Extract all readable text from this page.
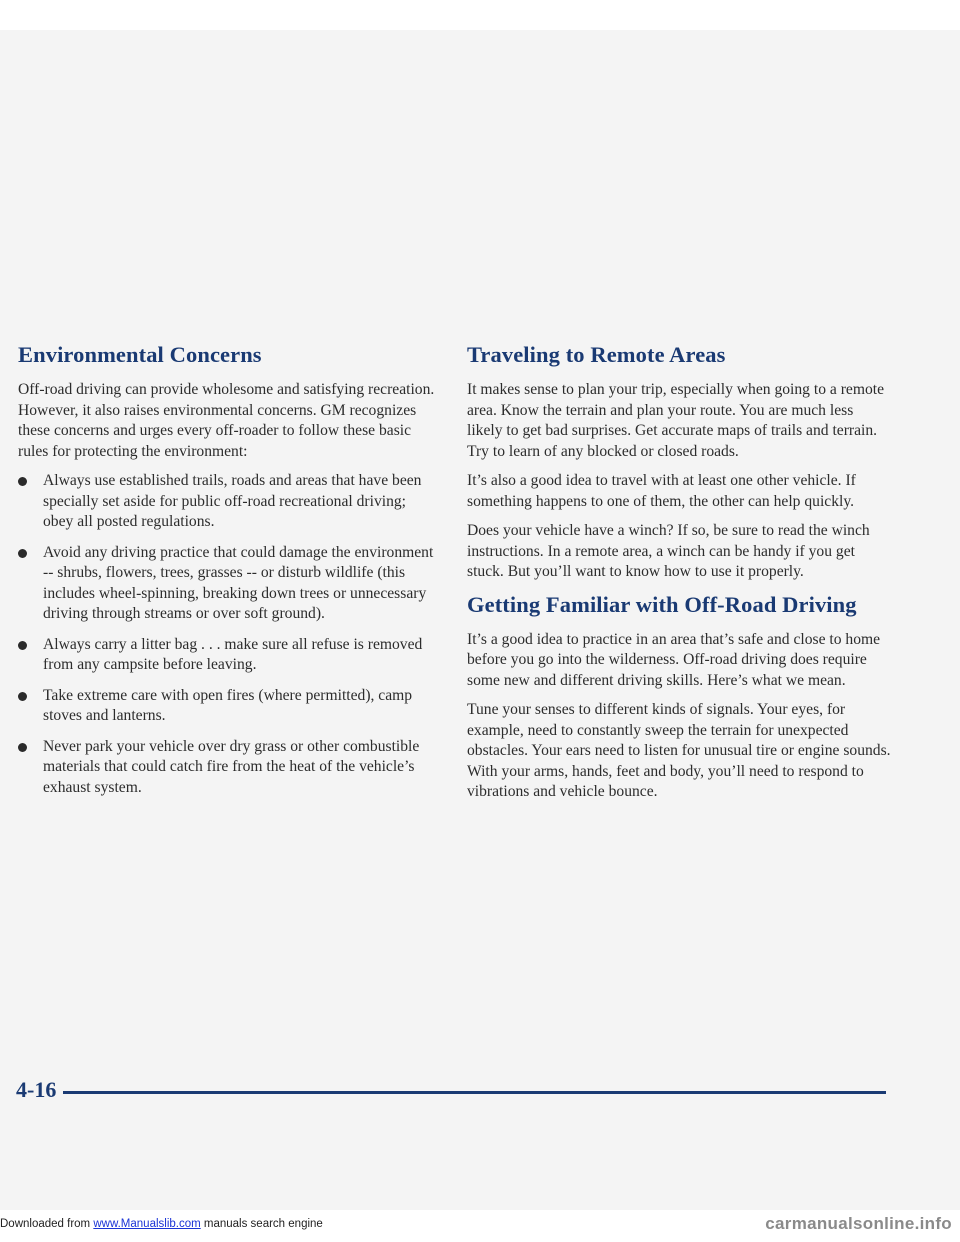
Environmental Concerns

Off-road driving can provide wholesome and satisfying recreation. However, it also raises environmental concerns. GM recognizes these concerns and urges every off-roader to follow these basic rules for protecting the environment:

Always use established trails, roads and areas that have been specially set aside for public off-road recreational driving; obey all posted regulations.
Avoid any driving practice that could damage the environment -- shrubs, flowers, trees, grasses -- or disturb wildlife (this includes wheel-spinning, breaking down trees or unnecessary driving through streams or over soft ground).
Always carry a litter bag . . . make sure all refuse is removed from any campsite before leaving.
Take extreme care with open fires (where permitted), camp stoves and lanterns.
Never park your vehicle over dry grass or other combustible materials that could catch fire from the heat of the vehicle’s exhaust system.
Traveling to Remote Areas

It makes sense to plan your trip, especially when going to a remote area. Know the terrain and plan your route. You are much less likely to get bad surprises. Get accurate maps of trails and terrain. Try to learn of any blocked or closed roads.

It’s also a good idea to travel with at least one other vehicle. If something happens to one of them, the other can help quickly.

Does your vehicle have a winch? If so, be sure to read the winch instructions. In a remote area, a winch can be handy if you get stuck. But you’ll want to know how to use it properly.

Getting Familiar with Off-Road Driving

It’s a good idea to practice in an area that’s safe and close to home before you go into the wilderness. Off-road driving does require some new and different driving skills. Here’s what we mean.

Tune your senses to different kinds of signals. Your eyes, for example, need to constantly sweep the terrain for unexpected obstacles. Your ears need to listen for unusual tire or engine sounds. With your arms, hands, feet and body, you’ll need to respond to vibrations and vehicle bounce.

4-16
Downloaded from www.Manualslib.com manuals search engine	carmanualsonline.info
